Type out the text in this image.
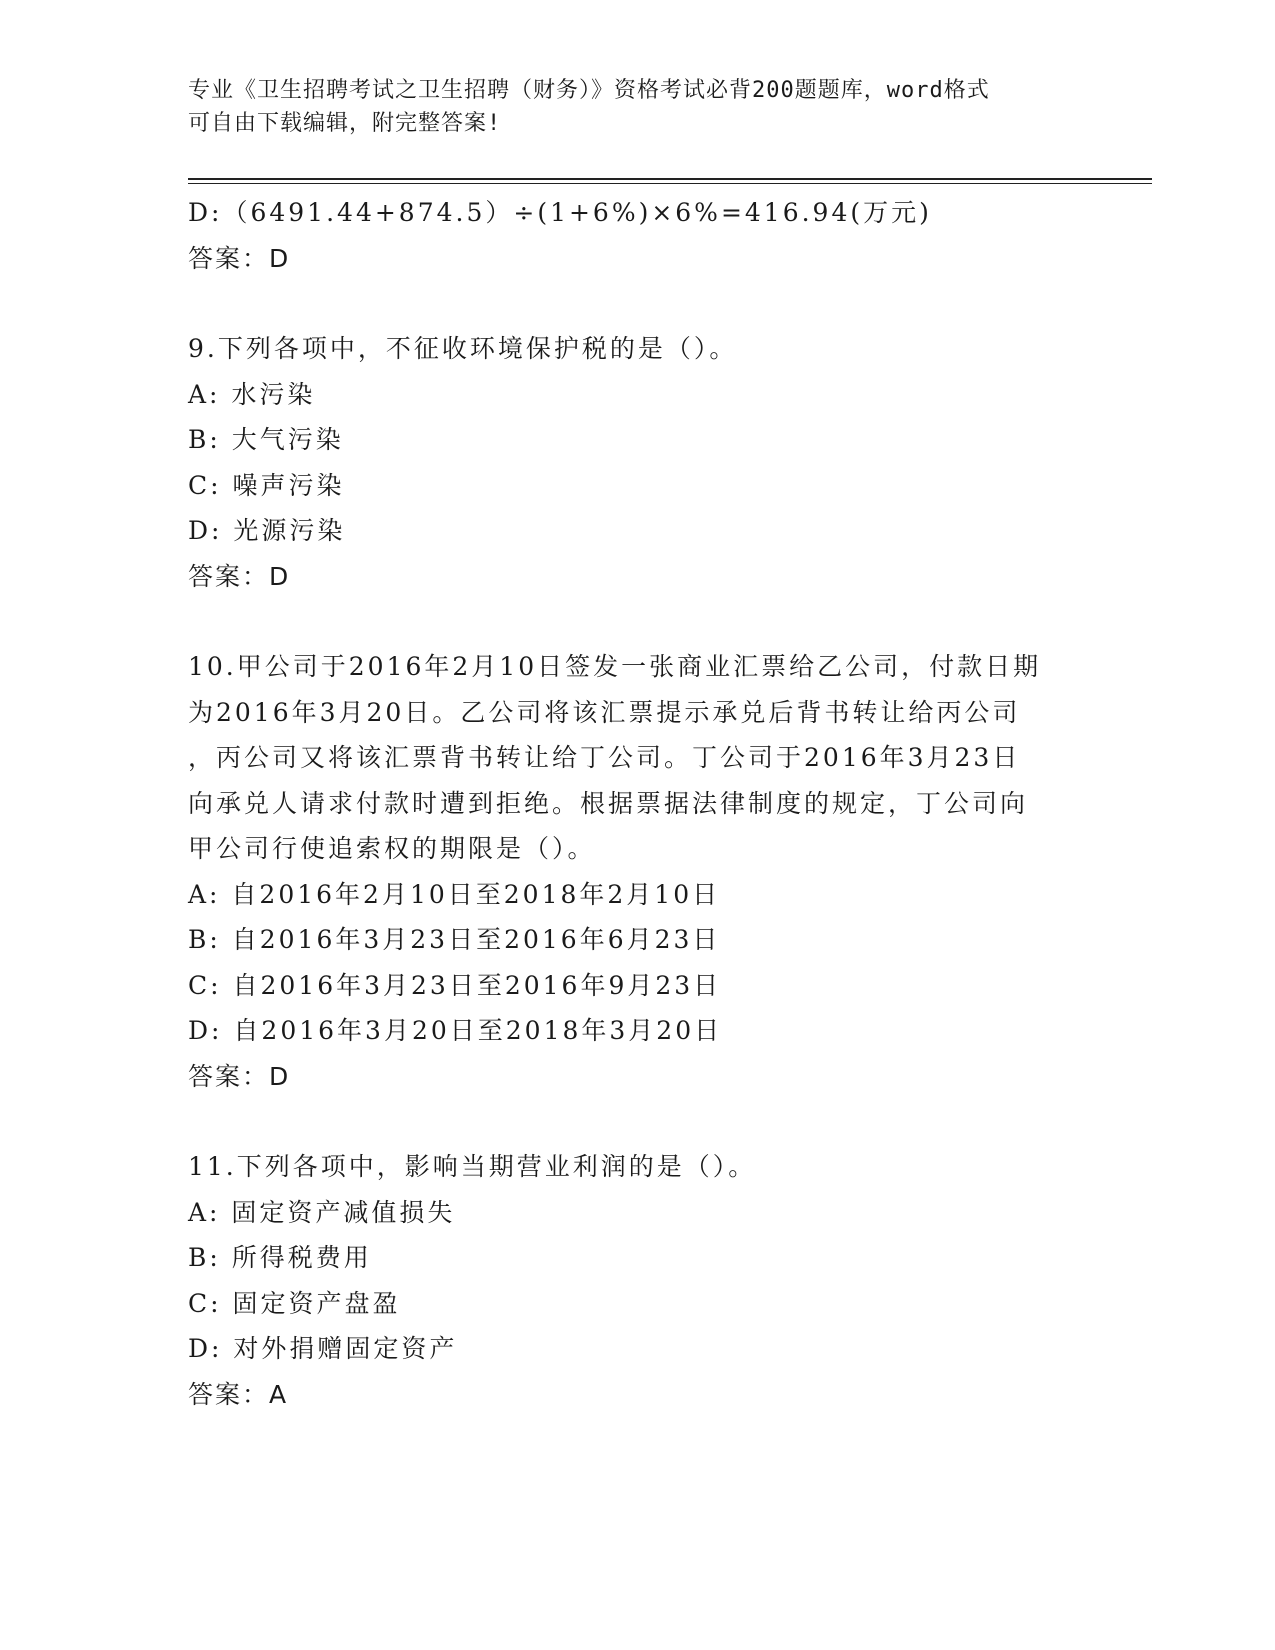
专业《卫生招聘考试之卫生招聘（财务）》资格考试必背200题题库，word格式
可自由下载编辑，附完整答案!
D:（6491.44+874.5）÷(1+6%)×6%=416.94(万元)
答案：D
9.下列各项中，不征收环境保护税的是（）。
A: 水污染
B: 大气污染
C: 噪声污染
D: 光源污染
答案：D
10.甲公司于2016年2月10日签发一张商业汇票给乙公司，付款日期
为2016年3月20日。乙公司将该汇票提示承兑后背书转让给丙公司
，丙公司又将该汇票背书转让给丁公司。丁公司于2016年3月23日
向承兑人请求付款时遭到拒绝。根据票据法律制度的规定，丁公司向
甲公司行使追索权的期限是（）。
A: 自2016年2月10日至2018年2月10日
B: 自2016年3月23日至2016年6月23日
C: 自2016年3月23日至2016年9月23日
D: 自2016年3月20日至2018年3月20日
答案：D
11.下列各项中，影响当期营业利润的是（）。
A: 固定资产减值损失
B: 所得税费用
C: 固定资产盘盈
D: 对外捐赠固定资产
答案：A
